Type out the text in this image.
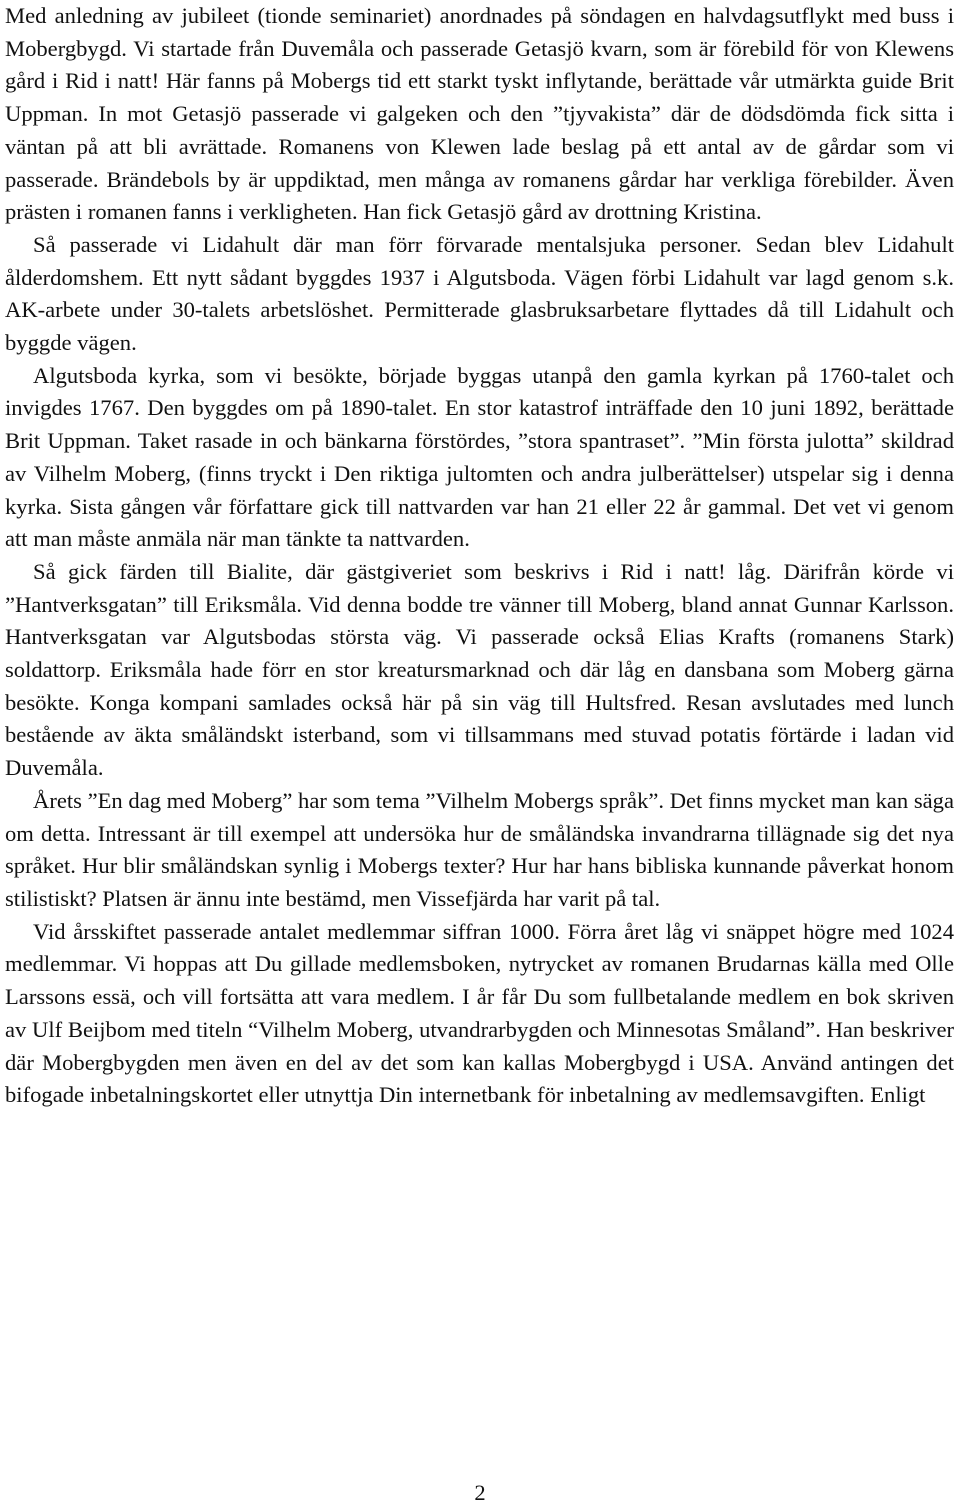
Med anledning av jubileet (tionde seminariet) anordnades på söndagen en halvdagsutflykt med buss i Mobergbygd. Vi startade från Duvemåla och passerade Getasjö kvarn, som är förebild för von Klewens gård i Rid i natt! Här fanns på Mobergs tid ett starkt tyskt inflytande, berättade vår utmärkta guide Brit Uppman. In mot Getasjö passerade vi galgeken och den ”tjyvakista” där de dödsdömda fick sitta i väntan på att bli avrättade. Romanens von Klewen lade beslag på ett antal av de gårdar som vi passerade. Brändebols by är uppdiktad, men många av romanens gårdar har verkliga förebilder. Även prästen i romanen fanns i verkligheten. Han fick Getasjö gård av drottning Kristina.

Så passerade vi Lidahult där man förr förvarade mentalsjuka personer. Sedan blev Lidahult ålderdomshem. Ett nytt sådant byggdes 1937 i Algutsboda. Vägen förbi Lidahult var lagd genom s.k. AK-arbete under 30-talets arbetslöshet. Permitterade glasbruksarbetare flyttades då till Lidahult och byggde vägen.

Algutsboda kyrka, som vi besökte, började byggas utanpå den gamla kyrkan på 1760-talet och invigdes 1767. Den byggdes om på 1890-talet. En stor katastrof inträffade den 10 juni 1892, berättade Brit Uppman. Taket rasade in och bänkarna förstördes, ”stora spantraset”. ”Min första julotta” skildrad av Vilhelm Moberg, (finns tryckt i Den riktiga jultomten och andra julberättelser) utspelar sig i denna kyrka. Sista gången vår författare gick till nattvarden var han 21 eller 22 år gammal. Det vet vi genom att man måste anmäla när man tänkte ta nattvarden.

Så gick färden till Bialite, där gästgiveriet som beskrivs i Rid i natt! låg. Därifrån körde vi ”Hantverksgatan” till Eriksmåla. Vid denna bodde tre vänner till Moberg, bland annat Gunnar Karlsson. Hantverksgatan var Algutsbodas största väg. Vi passerade också Elias Krafts (romanens Stark) soldattorp. Eriksmåla hade förr en stor kreatursmarknad och där låg en dansbana som Moberg gärna besökte. Konga kompani samlades också här på sin väg till Hultsfred. Resan avslutades med lunch bestående av äkta småländskt isterband, som vi tillsammans med stuvad potatis förtärde i ladan vid Duvemåla.

Årets ”En dag med Moberg” har som tema ”Vilhelm Mobergs språk”. Det finns mycket man kan säga om detta. Intressant är till exempel att undersöka hur de småländska invandrarna tillägnade sig det nya språket. Hur blir småländskan synlig i Mobergs texter? Hur har hans bibliska kunnande påverkat honom stilistiskt? Platsen är ännu inte bestämd, men Vissefjärda har varit på tal.

Vid årsskiftet passerade antalet medlemmar siffran 1000. Förra året låg vi snäppet högre med 1024 medlemmar. Vi hoppas att Du gillade medlemsboken, nytrycket av romanen Brudarnas källa med Olle Larssons essä, och vill fortsätta att vara medlem. I år får Du som fullbetalande medlem en bok skriven av Ulf Beijbom med titeln “Vilhelm Moberg, utvandrarbygden och Minnesotas Småland”. Han beskriver där Mobergbygden men även en del av det som kan kallas Mobergbygd i USA. Använd antingen det bifogade inbetalningskortet eller utnyttja Din internetbank för inbetalning av medlemsavgiften. Enligt

2
